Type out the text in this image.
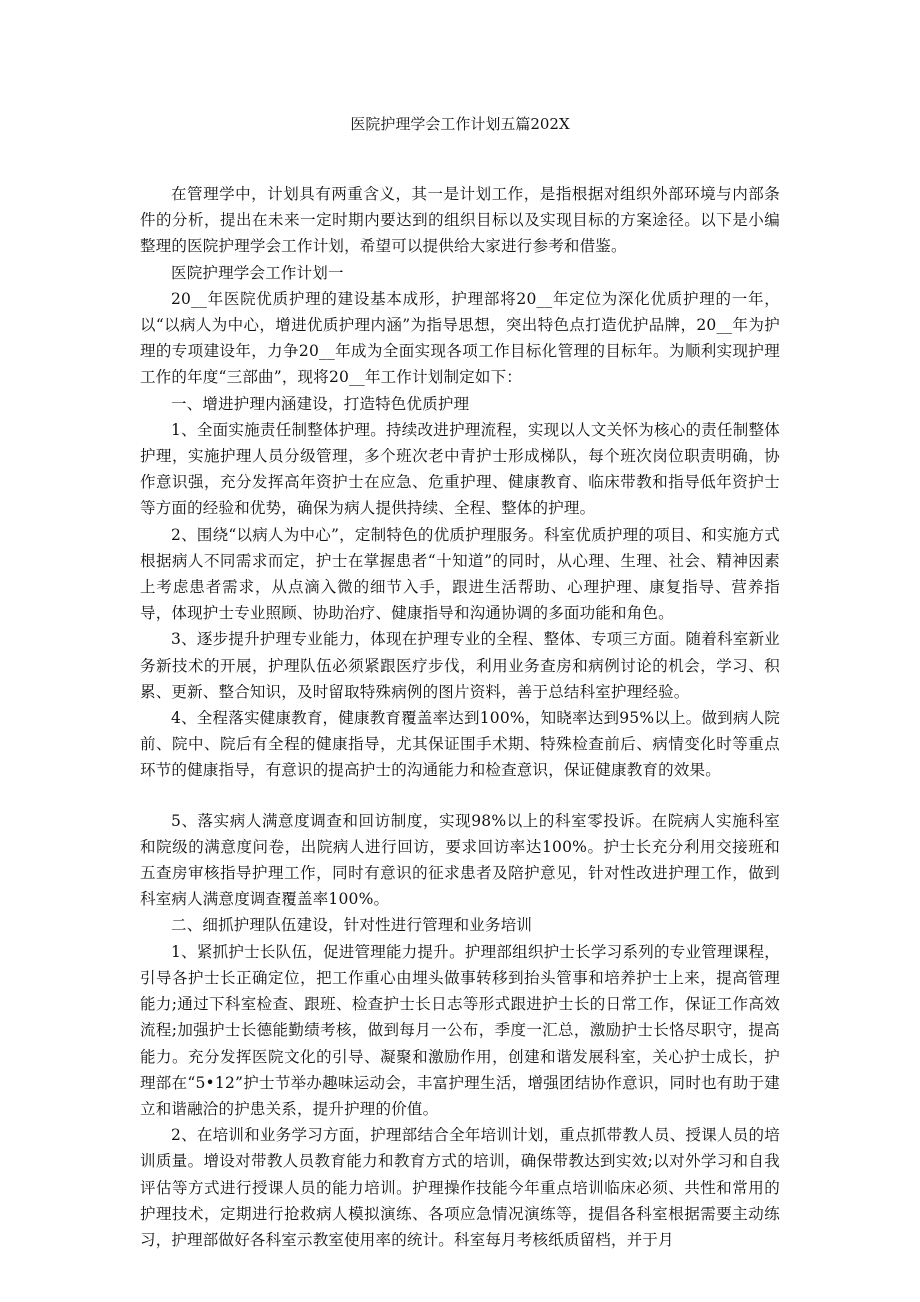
医院护理学会工作计划五篇202X

在管理学中，计划具有两重含义，其一是计划工作，是指根据对组织外部环境与内部条件的分析，提出在未来一定时期内要达到的组织目标以及实现目标的方案途径。以下是小编整理的医院护理学会工作计划，希望可以提供给大家进行参考和借鉴。

医院护理学会工作计划一

20__年医院优质护理的建设基本成形，护理部将20__年定位为深化优质护理的一年，以“以病人为中心，增进优质护理内涵”为指导思想，突出特色点打造优护品牌，20__年为护理的专项建设年，力争20__年成为全面实现各项工作目标化管理的目标年。为顺利实现护理工作的年度“三部曲”，现将20__年工作计划制定如下：

一、增进护理内涵建设，打造特色优质护理

1、全面实施责任制整体护理。持续改进护理流程，实现以人文关怀为核心的责任制整体护理，实施护理人员分级管理，多个班次老中青护士形成梯队，每个班次岗位职责明确，协作意识强，充分发挥高年资护士在应急、危重护理、健康教育、临床带教和指导低年资护士等方面的经验和优势，确保为病人提供持续、全程、整体的护理。

2、围绕“以病人为中心”，定制特色的优质护理服务。科室优质护理的项目、和实施方式根据病人不同需求而定，护士在掌握患者“十知道”的同时，从心理、生理、社会、精神因素上考虑患者需求，从点滴入微的细节入手，跟进生活帮助、心理护理、康复指导、营养指导，体现护士专业照顾、协助治疗、健康指导和沟通协调的多面功能和角色。

3、逐步提升护理专业能力，体现在护理专业的全程、整体、专项三方面。随着科室新业务新技术的开展，护理队伍必须紧跟医疗步伐，利用业务查房和病例讨论的机会，学习、积累、更新、整合知识，及时留取特殊病例的图片资料，善于总结科室护理经验。

4、全程落实健康教育，健康教育覆盖率达到100%，知晓率达到95%以上。做到病人院前、院中、院后有全程的健康指导，尤其保证围手术期、特殊检查前后、病情变化时等重点环节的健康指导，有意识的提高护士的沟通能力和检查意识，保证健康教育的效果。

5、落实病人满意度调查和回访制度，实现98%以上的科室零投诉。在院病人实施科室和院级的满意度问卷，出院病人进行回访，要求回访率达100%。护士长充分利用交接班和五查房审核指导护理工作，同时有意识的征求患者及陪护意见，针对性改进护理工作，做到科室病人满意度调查覆盖率100%。

二、细抓护理队伍建设，针对性进行管理和业务培训

1、紧抓护士长队伍，促进管理能力提升。护理部组织护士长学习系列的专业管理课程，引导各护士长正确定位，把工作重心由埋头做事转移到抬头管事和培养护士上来，提高管理能力;通过下科室检查、跟班、检查护士长日志等形式跟进护士长的日常工作，保证工作高效流程;加强护士长德能勤绩考核，做到每月一公布，季度一汇总，激励护士长恪尽职守，提高能力。充分发挥医院文化的引导、凝聚和激励作用，创建和谐发展科室，关心护士成长，护理部在“5•12”护士节举办趣味运动会，丰富护理生活，增强团结协作意识，同时也有助于建立和谐融洽的护患关系，提升护理的价值。

2、在培训和业务学习方面，护理部结合全年培训计划，重点抓带教人员、授课人员的培训质量。增设对带教人员教育能力和教育方式的培训，确保带教达到实效;以对外学习和自我评估等方式进行授课人员的能力培训。护理操作技能今年重点培训临床必须、共性和常用的护理技术，定期进行抢救病人模拟演练、各项应急情况演练等，提倡各科室根据需要主动练习，护理部做好各科室示教室使用率的统计。科室每月考核纸质留档，并于月
